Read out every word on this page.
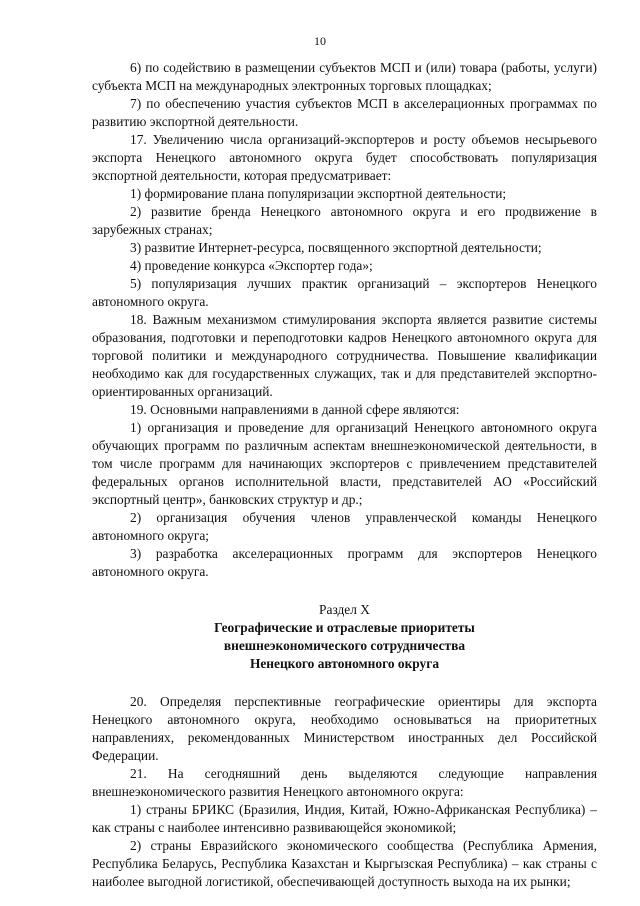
10

6) по содействию в размещении субъектов МСП и (или) товара (работы, услуги) субъекта МСП на международных электронных торговых площадках;

7) по обеспечению участия субъектов МСП в акселерационных программах по развитию экспортной деятельности.

17. Увеличению числа организаций-экспортеров и росту объемов несырьевого экспорта Ненецкого автономного округа будет способствовать популяризация экспортной деятельности, которая предусматривает:

1) формирование плана популяризации экспортной деятельности;

2) развитие бренда Ненецкого автономного округа и его продвижение в зарубежных странах;

3) развитие Интернет-ресурса, посвященного экспортной деятельности;

4) проведение конкурса «Экспортер года»;

5) популяризация лучших практик организаций – экспортеров Ненецкого автономного округа.

18. Важным механизмом стимулирования экспорта является развитие системы образования, подготовки и переподготовки кадров Ненецкого автономного округа для торговой политики и международного сотрудничества. Повышение квалификации необходимо как для государственных служащих, так и для представителей экспортно-ориентированных организаций.

19. Основными направлениями в данной сфере являются:

1) организация и проведение для организаций Ненецкого автономного округа обучающих программ по различным аспектам внешнеэкономической деятельности, в том числе программ для начинающих экспортеров с привлечением представителей федеральных органов исполнительной власти, представителей АО «Российский экспортный центр», банковских структур и др.;

2) организация обучения членов управленческой команды Ненецкого автономного округа;

3) разработка акселерационных программ для экспортеров Ненецкого автономного округа.

Раздел X

Географические и отраслевые приоритеты

внешнеэкономического сотрудничества

Ненецкого автономного округа

20. Определяя перспективные географические ориентиры для экспорта Ненецкого автономного округа, необходимо основываться на приоритетных направлениях, рекомендованных Министерством иностранных дел Российской Федерации.

21. На сегодняшний день выделяются следующие направления внешнеэкономического развития Ненецкого автономного округа:

1) страны БРИКС (Бразилия, Индия, Китай, Южно-Африканская Республика) – как страны с наиболее интенсивно развивающейся экономикой;

2) страны Евразийского экономического сообщества (Республика Армения, Республика Беларусь, Республика Казахстан и Кыргызская Республика) – как страны с наиболее выгодной логистикой, обеспечивающей доступность выхода на их рынки;
